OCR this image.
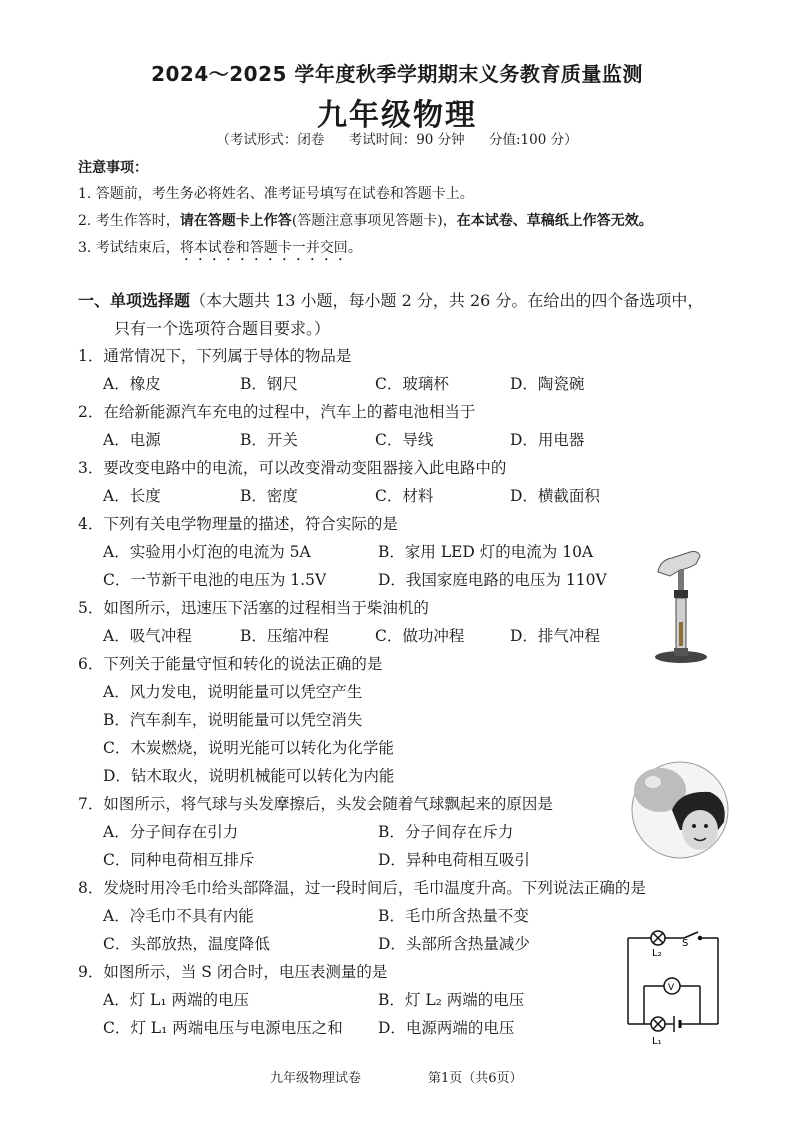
2024～2025 学年度秋季学期期末义务教育质量监测
九年级物理
（考试形式：闭卷 考试时间：90 分钟 分值:100 分）
注意事项：
1. 答题前，考生务必将姓名、准考证号填写在试卷和答题卡上。
2. 考生作答时，请在答题卡上作答(答题注意事项见答题卡)，在本试卷、草稿纸上作答无效。
3. 考试结束后，将本试卷和答题卡一并交回。
一、单项选择题（本大题共 13 小题，每小题 2 分，共 26 分。在给出的四个备选项中，
只有一个选项符合题目要求。）
1．通常情况下，下列属于导体的物品是
A．橡皮	B．钢尺	C．玻璃杯	D．陶瓷碗
2．在给新能源汽车充电的过程中，汽车上的蓄电池相当于
A．电源	B．开关	C．导线	D．用电器
3．要改变电路中的电流，可以改变滑动变阻器接入此电路中的
A．长度	B．密度	C．材料	D．横截面积
4．下列有关电学物理量的描述，符合实际的是
A．实验用小灯泡的电流为 5A	B．家用 LED 灯的电流为 10A
C．一节新干电池的电压为 1.5V	D．我国家庭电路的电压为 110V
5．如图所示，迅速压下活塞的过程相当于柴油机的
A．吸气冲程	B．压缩冲程	C．做功冲程	D．排气冲程
6．下列关于能量守恒和转化的说法正确的是
A．风力发电，说明能量可以凭空产生
B．汽车刹车，说明能量可以凭空消失
C．木炭燃烧，说明光能可以转化为化学能
D．钻木取火，说明机械能可以转化为内能
7．如图所示，将气球与头发摩擦后，头发会随着气球飘起来的原因是
A．分子间存在引力	B．分子间存在斥力
C．同种电荷相互排斥	D．异种电荷相互吸引
8．发烧时用冷毛巾给头部降温，过一段时间后，毛巾温度升高。下列说法正确的是
A．冷毛巾不具有内能	B．毛巾所含热量不变
C．头部放热，温度降低	D．头部所含热量减少
9．如图所示，当 S 闭合时，电压表测量的是
A．灯 L₁ 两端的电压	B．灯 L₂ 两端的电压
C．灯 L₁ 两端电压与电源电压之和 D．电源两端的电压
S
L₂
V
L₁
九年级物理试卷	第1页（共6页）
